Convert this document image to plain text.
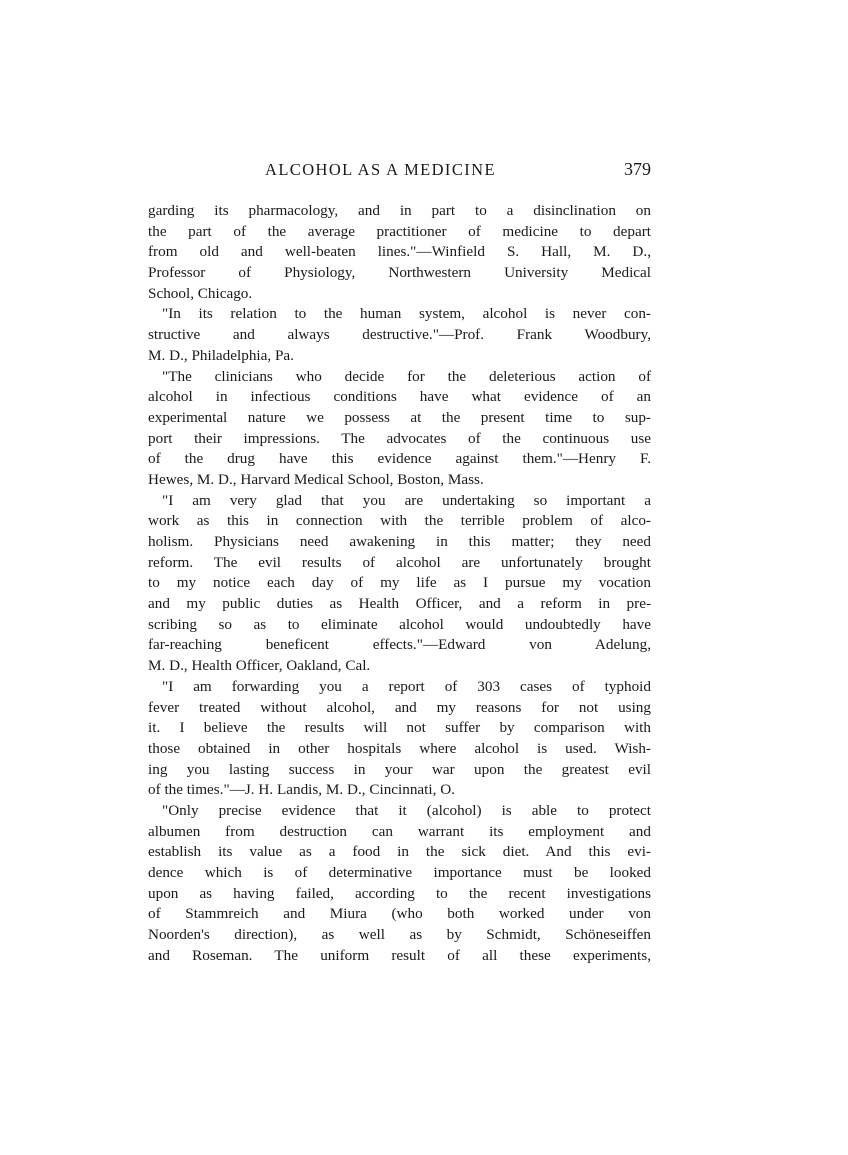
ALCOHOL AS A MEDICINE	379
garding its pharmacology, and in part to a disinclination on
the part of the average practitioner of medicine to depart
from old and well-beaten lines."—Winfield S. Hall, M. D.,
Professor of Physiology, Northwestern University Medical
School, Chicago.
"In its relation to the human system, alcohol is never con-
structive and always destructive."—Prof. Frank Woodbury,
M. D., Philadelphia, Pa.
"The clinicians who decide for the deleterious action of
alcohol in infectious conditions have what evidence of an
experimental nature we possess at the present time to sup-
port their impressions. The advocates of the continuous use
of the drug have this evidence against them."—Henry F.
Hewes, M. D., Harvard Medical School, Boston, Mass.
"I am very glad that you are undertaking so important a
work as this in connection with the terrible problem of alco-
holism. Physicians need awakening in this matter; they need
reform. The evil results of alcohol are unfortunately brought
to my notice each day of my life as I pursue my vocation
and my public duties as Health Officer, and a reform in pre-
scribing so as to eliminate alcohol would undoubtedly have
far-reaching beneficent effects."—Edward von Adelung,
M. D., Health Officer, Oakland, Cal.
"I am forwarding you a report of 303 cases of typhoid
fever treated without alcohol, and my reasons for not using
it. I believe the results will not suffer by comparison with
those obtained in other hospitals where alcohol is used. Wish-
ing you lasting success in your war upon the greatest evil
of the times."—J. H. Landis, M. D., Cincinnati, O.
"Only precise evidence that it (alcohol) is able to protect
albumen from destruction can warrant its employment and
establish its value as a food in the sick diet. And this evi-
dence which is of determinative importance must be looked
upon as having failed, according to the recent investigations
of Stammreich and Miura (who both worked under von
Noorden's direction), as well as by Schmidt, Schöneseiffen
and Roseman. The uniform result of all these experiments,
